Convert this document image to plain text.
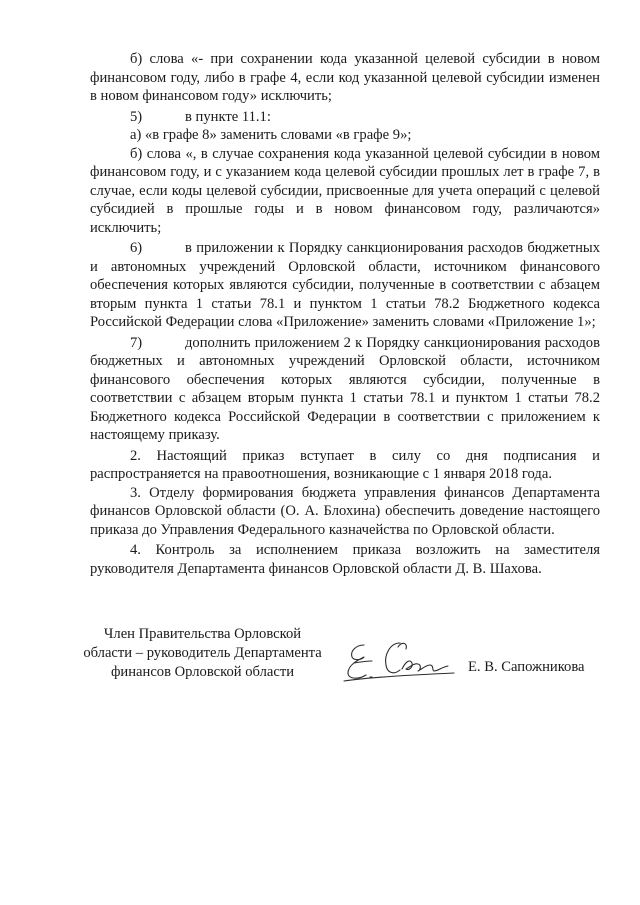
б) слова «- при сохранении кода указанной целевой субсидии в новом финансовом году, либо в графе 4, если код указанной целевой субсидии изменен в новом финансовом году» исключить;

5)	в пункте 11.1:

а) «в графе 8» заменить словами «в графе 9»;

б) слова «, в случае сохранения кода указанной целевой субсидии в новом финансовом году, и с указанием кода целевой субсидии прошлых лет в графе 7, в случае, если коды целевой субсидии, присвоенные для учета операций с целевой субсидией в прошлые годы и в новом финансовом году, различаются» исключить;

6)	в приложении к Порядку санкционирования расходов бюджетных и автономных учреждений Орловской области, источником финансового обеспечения которых являются субсидии, полученные в соответствии с абзацем вторым пункта 1 статьи 78.1 и пунктом 1 статьи 78.2 Бюджетного кодекса Российской Федерации слова «Приложение» заменить словами «Приложение 1»;

7)	дополнить приложением 2 к Порядку санкционирования расходов бюджетных и автономных учреждений Орловской области, источником финансового обеспечения которых являются субсидии, полученные в соответствии с абзацем вторым пункта 1 статьи 78.1 и пунктом 1 статьи 78.2 Бюджетного кодекса Российской Федерации в соответствии с приложением к настоящему приказу.

2. Настоящий приказ вступает в силу со дня подписания и распространяется на правоотношения, возникающие с 1 января 2018 года.

3. Отделу формирования бюджета управления финансов Департамента финансов Орловской области (О. А. Блохина) обеспечить доведение настоящего приказа до Управления Федерального казначейства по Орловской области.

4. Контроль за исполнением приказа возложить на заместителя руководителя Департамента финансов Орловской области Д. В. Шахова.

Член Правительства Орловской
области – руководитель Департамента
финансов Орловской области	Е. В. Сапожникова
